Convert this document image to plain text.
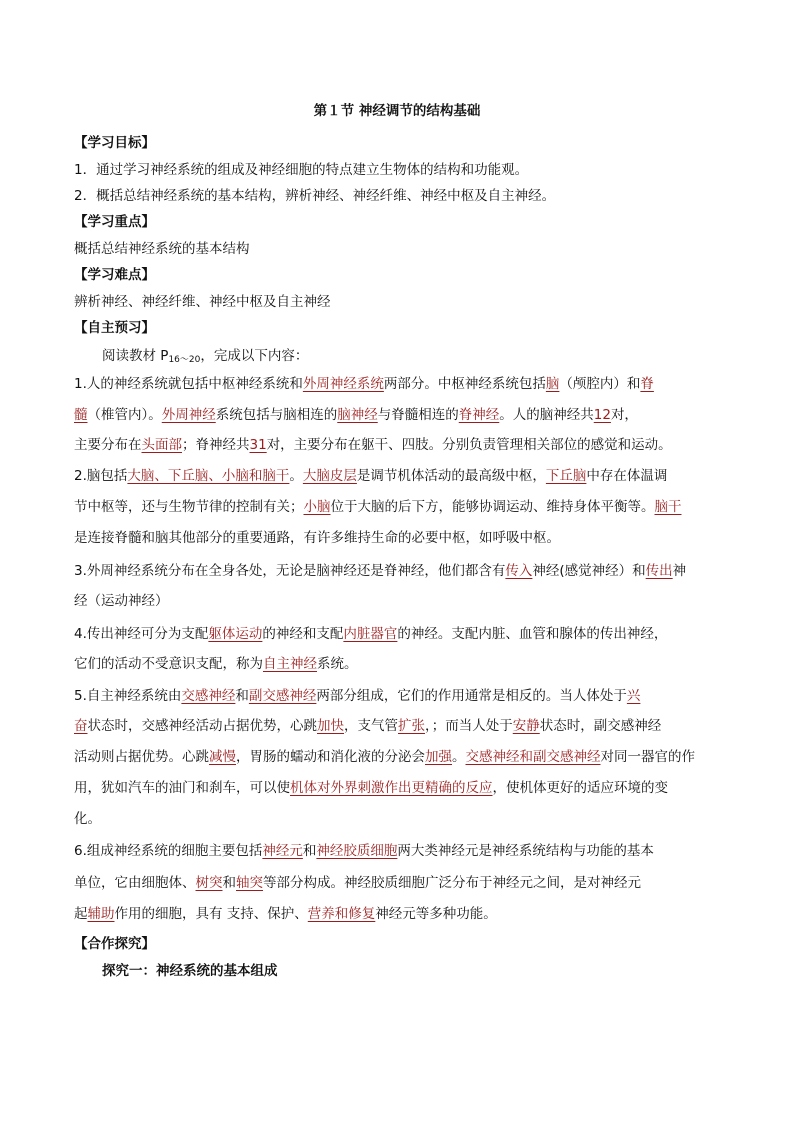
第１节 神经调节的结构基础
【学习目标】
1．通过学习神经系统的组成及神经细胞的特点建立生物体的结构和功能观。
2．概括总结神经系统的基本结构，辨析神经、神经纤维、神经中枢及自主神经。
【学习重点】
概括总结神经系统的基本结构
【学习难点】
辨析神经、神经纤维、神经中枢及自主神经
【自主预习】
阅读教材 $P_{16\sim 20}$，完成以下内容：
1.人的神经系统就包括中枢神经系统和外周神经系统两部分。中枢神经系统包括脑（颅腔内）和脊
髓（椎管内）。外周神经系统包括与脑相连的脑神经与脊髓相连的脊神经。人的脑神经共12对，
主要分布在头面部；脊神经共31对，主要分布在躯干、四肢。分别负责管理相关部位的感觉和运动。
2.脑包括大脑、下丘脑、小脑和脑干。大脑皮层是调节机体活动的最高级中枢，下丘脑中存在体温调
节中枢等，还与生物节律的控制有关；小脑位于大脑的后下方，能够协调运动、维持身体平衡等。脑干
是连接脊髓和脑其他部分的重要通路，有许多维持生命的必要中枢，如呼吸中枢。
3.外周神经系统分布在全身各处，无论是脑神经还是脊神经，他们都含有传入神经(感觉神经）和传出神
经（运动神经）
4.传出神经可分为支配躯体运动的神经和支配内脏器官的神经。支配内脏、血管和腺体的传出神经，
它们的活动不受意识支配，称为自主神经系统。
5.自主神经系统由交感神经和副交感神经两部分组成，它们的作用通常是相反的。当人体处于兴
奋状态时，交感神经活动占据优势，心跳加快，支气管扩张，；而当人处于安静状态时，副交感神经
活动则占据优势。心跳减慢，胃肠的蠕动和消化液的分泌会加强。交感神经和副交感神经对同一器官的作
用，犹如汽车的油门和刹车，可以使机体对外界刺激作出更精确的反应，使机体更好的适应环境的变
化。
6.组成神经系统的细胞主要包括神经元和神经胶质细胞两大类神经元是神经系统结构与功能的基本
单位，它由细胞体、树突和轴突等部分构成。神经胶质细胞广泛分布于神经元之间，是对神经元
起辅助作用的细胞，具有 支持、保护、营养和修复神经元等多种功能。
【合作探究】
探究一：神经系统的基本组成
